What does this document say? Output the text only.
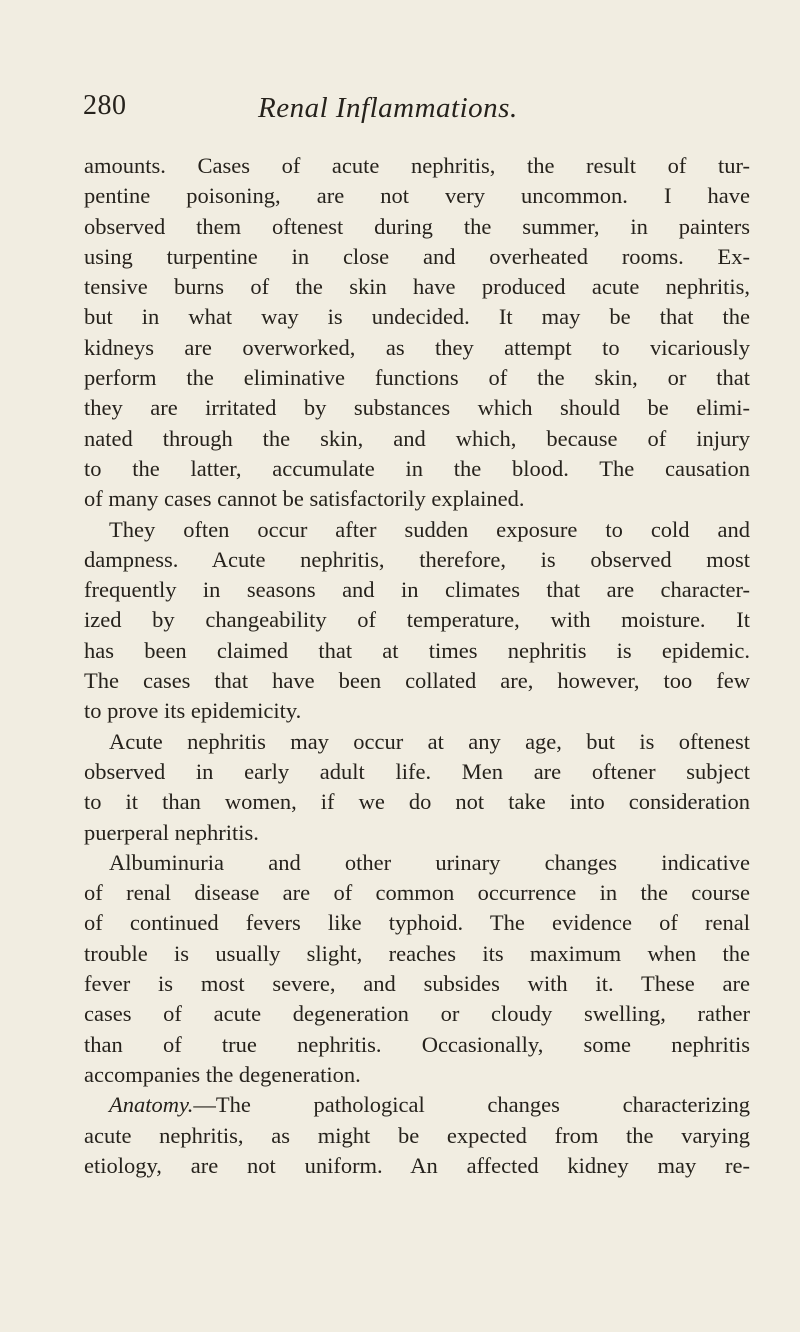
280	Renal Inflammations.
amounts. Cases of acute nephritis, the result of tur-
pentine poisoning, are not very uncommon. I have
observed them oftenest during the summer, in painters
using turpentine in close and overheated rooms. Ex-
tensive burns of the skin have produced acute nephritis,
but in what way is undecided. It may be that the
kidneys are overworked, as they attempt to vicariously
perform the eliminative functions of the skin, or that
they are irritated by substances which should be elimi-
nated through the skin, and which, because of injury
to the latter, accumulate in the blood. The causation
of many cases cannot be satisfactorily explained.
They often occur after sudden exposure to cold and
dampness. Acute nephritis, therefore, is observed most
frequently in seasons and in climates that are character-
ized by changeability of temperature, with moisture. It
has been claimed that at times nephritis is epidemic.
The cases that have been collated are, however, too few
to prove its epidemicity.
Acute nephritis may occur at any age, but is oftenest
observed in early adult life. Men are oftener subject
to it than women, if we do not take into consideration
puerperal nephritis.
Albuminuria and other urinary changes indicative
of renal disease are of common occurrence in the course
of continued fevers like typhoid. The evidence of renal
trouble is usually slight, reaches its maximum when the
fever is most severe, and subsides with it. These are
cases of acute degeneration or cloudy swelling, rather
than of true nephritis. Occasionally, some nephritis
accompanies the degeneration.
Anatomy.—The pathological changes characterizing
acute nephritis, as might be expected from the varying
etiology, are not uniform. An affected kidney may re-
